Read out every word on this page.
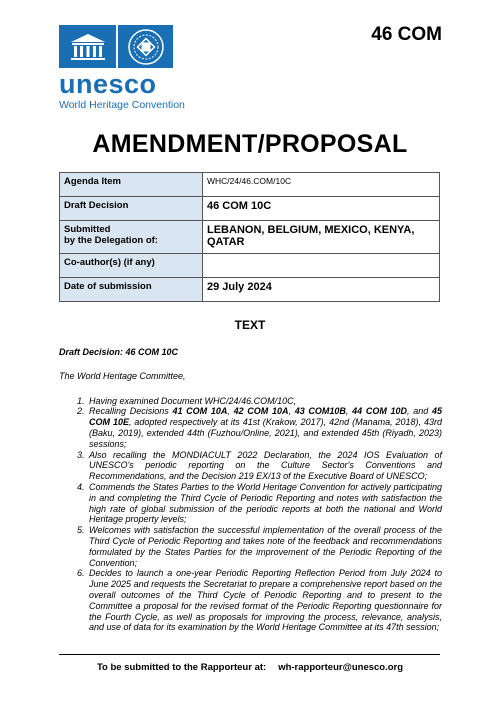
unesco
World Heritage Convention
46 COM
AMENDMENT/PROPOSAL
Agenda Item	WHC/24/46.COM/10C
Draft Decision	46 COM 10C
Submitted
by the Delegation of:	LEBANON, BELGIUM, MEXICO, KENYA, QATAR
Co-author(s) (if any)	
Date of submission	29 July 2024
TEXT

Draft Decision: 46 COM 10C

The World Heritage Committee,

1. Having examined Document WHC/24/46.COM/10C,
2. Recalling Decisions 41 COM 10A, 42 COM 10A, 43 COM10B, 44 COM 10D, and 45 COM 10E, adopted respectively at its 41st (Krakow, 2017), 42nd (Manama, 2018), 43rd (Baku, 2019), extended 44th (Fuzhou/Online, 2021), and extended 45th (Riyadh, 2023) sessions;
3. Also recalling the MONDIACULT 2022 Declaration, the 2024 IOS Evaluation of UNESCO's periodic reporting on the Culture Sector's Conventions and Recommendations, and the Decision 219 EX/13 of the Executive Board of UNESCO;
4. Commends the States Parties to the World Heritage Convention for actively participating in and completing the Third Cycle of Periodic Reporting and notes with satisfaction the high rate of global submission of the periodic reports at both the national and World Heritage property levels;
5. Welcomes with satisfaction the successful implementation of the overall process of the Third Cycle of Periodic Reporting and takes note of the feedback and recommendations formulated by the States Parties for the improvement of the Periodic Reporting of the Convention;
6. Decides to launch a one-year Periodic Reporting Reflection Period from July 2024 to June 2025 and requests the Secretariat to prepare a comprehensive report based on the overall outcomes of the Third Cycle of Periodic Reporting and to present to the Committee a proposal for the revised format of the Periodic Reporting questionnaire for the Fourth Cycle, as well as proposals for improving the process, relevance, analysis, and use of data for its examination by the World Heritage Committee at its 47th session;
To be submitted to the Rapporteur at: wh-rapporteur@unesco.org
